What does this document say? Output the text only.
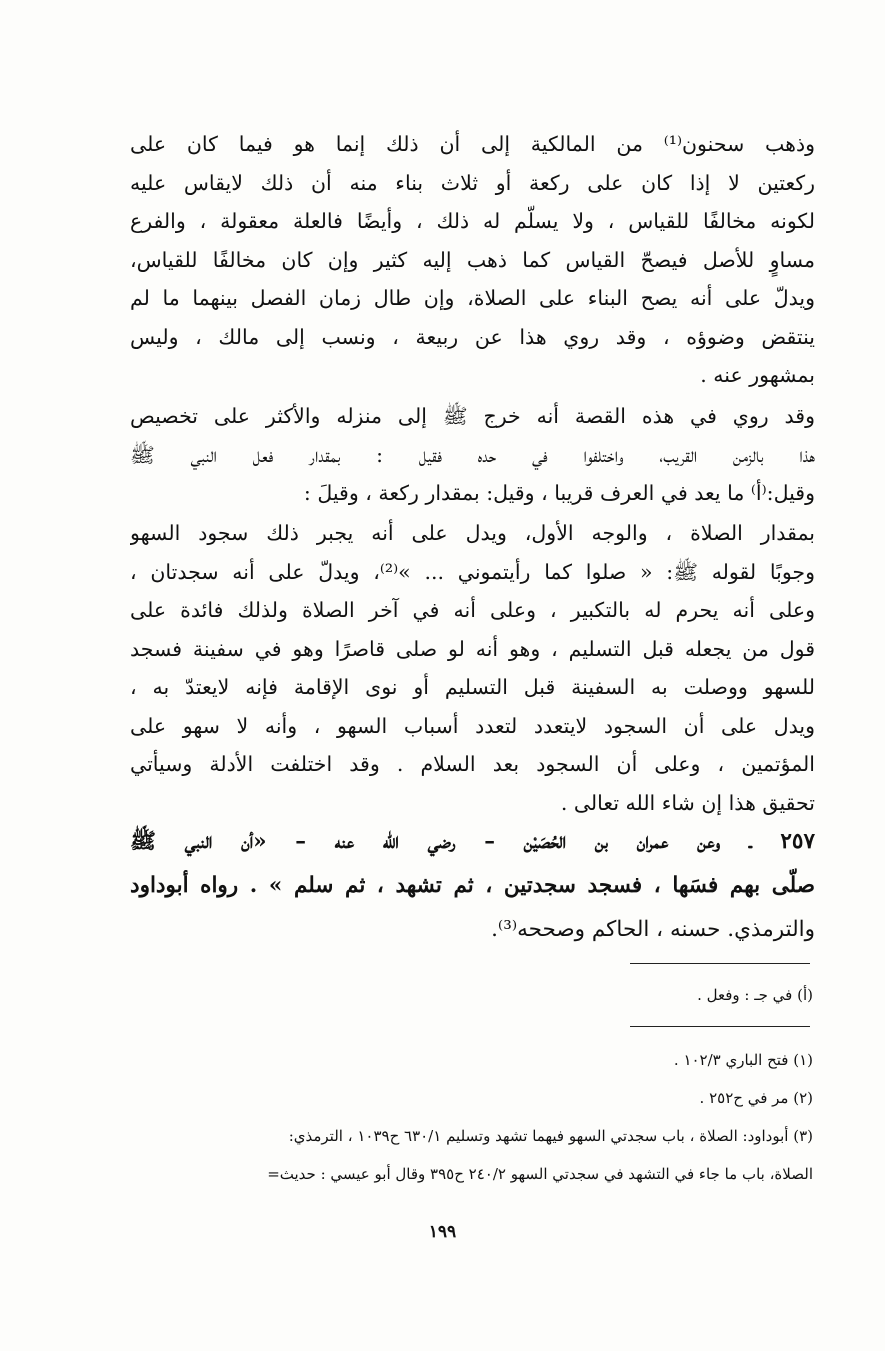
وذهب سحنون⁽¹⁾ من المالكية إلى أن ذلك إنما هو فيما كان على
ركعتين لا إذا كان على ركعة أو ثلاث بناء منه أن ذلك لايقاس عليه
لكونه مخالفًا للقياس ، ولا يسلّم له ذلك ، وأيضًا فالعلة معقولة ، والفرع
مساوٍ للأصل فيصحّ القياس كما ذهب إليه كثير وإن كان مخالفًا للقياس،
ويدلّ على أنه يصح البناء على الصلاة، وإن طال زمان الفصل بينهما ما لم
ينتقض وضوؤه ، وقد روي هذا عن ربيعة ، ونسب إلى مالك ، وليس
بمشهور عنه .
وقد روي في هذه القصة أنه خرج ﷺ إلى منزله والأكثر على تخصيص
هذا بالزمن القريب، واختلفوا في حده فقيل : بمقدار فعل النبي ﷺ
وقيل:⁽أ⁾ ما يعد في العرف قريبا ، وقيل: بمقدار ركعة ، وقيلَ :
بمقدار الصلاة ، والوجه الأول، ويدل على أنه يجبر ذلك سجود السهو
وجوبًا لقوله ﷺ: « صلوا كما رأيتموني ... »⁽²⁾، ويدلّ على أنه سجدتان ،
وعلى أنه يحرم له بالتكبير ، وعلى أنه في آخر الصلاة ولذلك فائدة على
قول من يجعله قبل التسليم ، وهو أنه لو صلى قاصرًا وهو في سفينة فسجد
للسهو ووصلت به السفينة قبل التسليم أو نوى الإقامة فإنه لايعتدّ به ،
ويدل على أن السجود لايتعدد لتعدد أسباب السهو ، وأنه لا سهو على
المؤتمين ، وعلى أن السجود بعد السلام . وقد اختلفت الأدلة وسيأتي
تحقيق هذا إن شاء الله تعالى .
٢٥٧ ـ وعن عمران بن الحُصَيْن – رضي الله عنه – «أن النبي ﷺ
صلّى بهم فسَها ، فسجد سجدتين ، ثم تشهد ، ثم سلم » . رواه أبوداود
والترمذي. حسنه ، الحاكم وصححه⁽³⁾.
(أ) في جـ : وفعل .
(١) فتح الباري ١٠٢/٣ .
(٢) مر في ح٢٥٢ .
(٣) أبوداود: الصلاة ، باب سجدتي السهو فيهما تشهد وتسليم ٦٣٠/١ ح١٠٣٩ ، الترمذي:
الصلاة، باب ما جاء في التشهد في سجدتي السهو ٢٤٠/٢ ح٣٩٥ وقال أبو عيسي : حديث=
١٩٩
